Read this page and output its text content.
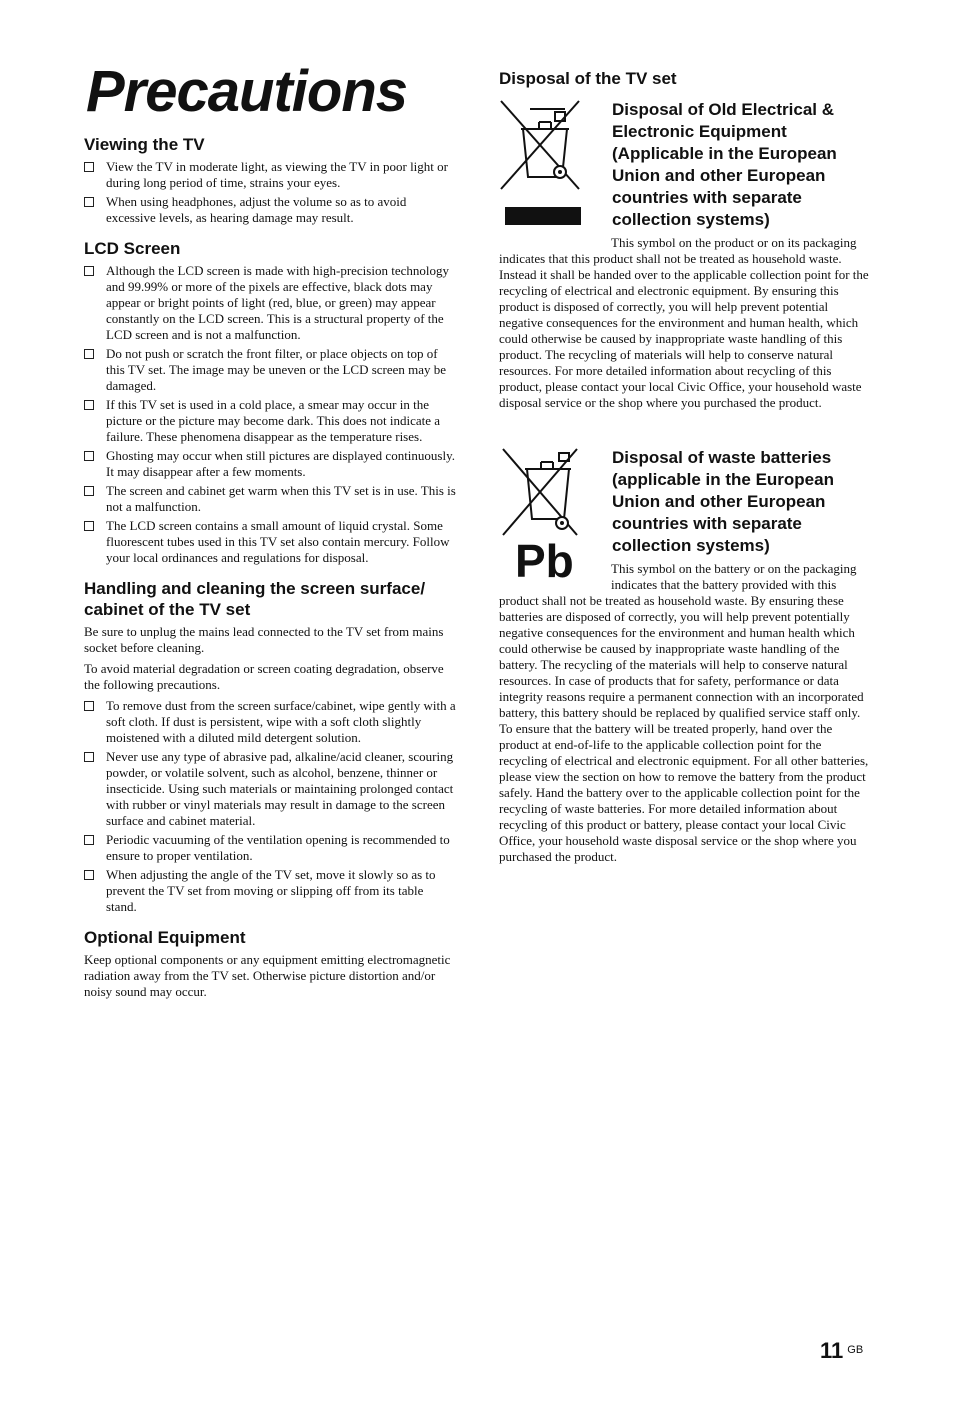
Precautions
Viewing the TV
View the TV in moderate light, as viewing the TV in poor light or during long period of time, strains your eyes.
When using headphones, adjust the volume so as to avoid excessive levels, as hearing damage may result.
LCD Screen
Although the LCD screen is made with high-precision technology and 99.99% or more of the pixels are effective, black dots may appear or bright points of light (red, blue, or green) may appear constantly on the LCD screen. This is a structural property of the LCD screen and is not a malfunction.
Do not push or scratch the front filter, or place objects on top of this TV set. The image may be uneven or the LCD screen may be damaged.
If this TV set is used in a cold place, a smear may occur in the picture or the picture may become dark. This does not indicate a failure. These phenomena disappear as the temperature rises.
Ghosting may occur when still pictures are displayed continuously. It may disappear after a few moments.
The screen and cabinet get warm when this TV set is in use. This is not a malfunction.
The LCD screen contains a small amount of liquid crystal. Some fluorescent tubes used in this TV set also contain mercury. Follow your local ordinances and regulations for disposal.
Handling and cleaning the screen surface/ cabinet of the TV set

Be sure to unplug the mains lead connected to the TV set from mains socket before cleaning.

To avoid material degradation or screen coating degradation, observe the following precautions.

To remove dust from the screen surface/cabinet, wipe gently with a soft cloth. If dust is persistent, wipe with a soft cloth slightly moistened with a diluted mild detergent solution.
Never use any type of abrasive pad, alkaline/acid cleaner, scouring powder, or volatile solvent, such as alcohol, benzene, thinner or insecticide. Using such materials or maintaining prolonged contact with rubber or vinyl materials may result in damage to the screen surface and cabinet material.
Periodic vacuuming of the ventilation opening is recommended to ensure to proper ventilation.
When adjusting the angle of the TV set, move it slowly so as to prevent the TV set from moving or slipping off from its table stand.
Optional Equipment

Keep optional components or any equipment emitting electromagnetic radiation away from the TV set. Otherwise picture distortion and/or noisy sound may occur.

Disposal of the TV set
Disposal of Old Electrical & Electronic Equipment (Applicable in the European Union and other European countries with separate collection systems)

This symbol on the product or on its packaging indicates that this product shall not be treated as household waste. Instead it shall be handed over to the applicable collection point for the recycling of electrical and electronic equipment. By ensuring this product is disposed of correctly, you will help prevent potential negative consequences for the environment and human health, which could otherwise be caused by inappropriate waste handling of this product. The recycling of materials will help to conserve natural resources. For more detailed information about recycling of this product, please contact your local Civic Office, your household waste disposal service or the shop where you purchased the product.

Pb
Disposal of waste batteries (applicable in the European Union and other European countries with separate collection systems)

This symbol on the battery or on the packaging indicates that the battery provided with this product shall not be treated as household waste. By ensuring these batteries are disposed of correctly, you will help prevent potentially negative consequences for the environment and human health which could otherwise be caused by inappropriate waste handling of the battery. The recycling of the materials will help to conserve natural resources. In case of products that for safety, performance or data integrity reasons require a permanent connection with an incorporated battery, this battery should be replaced by qualified service staff only. To ensure that the battery will be treated properly, hand over the product at end-of-life to the applicable collection point for the recycling of electrical and electronic equipment. For all other batteries, please view the section on how to remove the battery from the product safely. Hand the battery over to the applicable collection point for the recycling of waste batteries. For more detailed information about recycling of this product or battery, please contact your local Civic Office, your household waste disposal service or the shop where you purchased the product.

11 $^{GB}$
